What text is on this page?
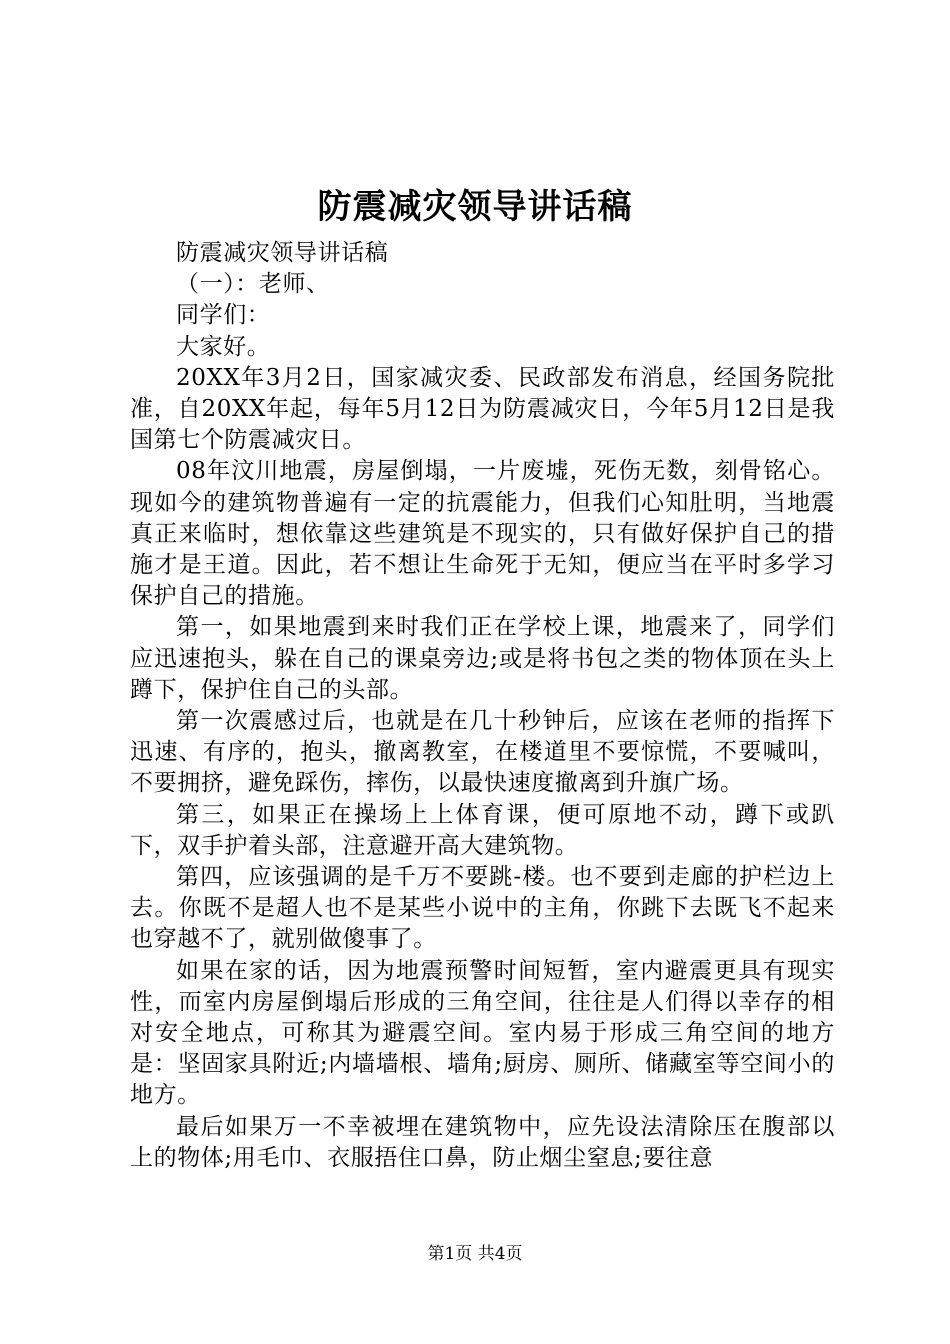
防震减灾领导讲话稿

防震减灾领导讲话稿

（一）：老师、

同学们：

大家好。

20XX年3月2日，国家减灾委、民政部发布消息，经国务院批准，自20XX年起，每年5月12日为防震减灾日，今年5月12日是我国第七个防震减灾日。

08年汶川地震，房屋倒塌，一片废墟，死伤无数，刻骨铭心。现如今的建筑物普遍有一定的抗震能力，但我们心知肚明，当地震真正来临时，想依靠这些建筑是不现实的，只有做好保护自己的措施才是王道。因此，若不想让生命死于无知，便应当在平时多学习保护自己的措施。

第一，如果地震到来时我们正在学校上课，地震来了，同学们应迅速抱头，躲在自己的课桌旁边;或是将书包之类的物体顶在头上蹲下，保护住自己的头部。

第一次震感过后，也就是在几十秒钟后，应该在老师的指挥下迅速、有序的，抱头，撤离教室，在楼道里不要惊慌，不要喊叫，不要拥挤，避免踩伤，摔伤，以最快速度撤离到升旗广场。

第三，如果正在操场上上体育课，便可原地不动，蹲下或趴下，双手护着头部，注意避开高大建筑物。

第四，应该强调的是千万不要跳-楼。也不要到走廊的护栏边上去。你既不是超人也不是某些小说中的主角，你跳下去既飞不起来也穿越不了，就别做傻事了。

如果在家的话，因为地震预警时间短暂，室内避震更具有现实性，而室内房屋倒塌后形成的三角空间，往往是人们得以幸存的相对安全地点，可称其为避震空间。室内易于形成三角空间的地方是：坚固家具附近;内墙墙根、墙角;厨房、厕所、储藏室等空间小的地方。

最后如果万一不幸被埋在建筑物中，应先设法清除压在腹部以上的物体;用毛巾、衣服捂住口鼻，防止烟尘窒息;要往意

第1页 共4页
